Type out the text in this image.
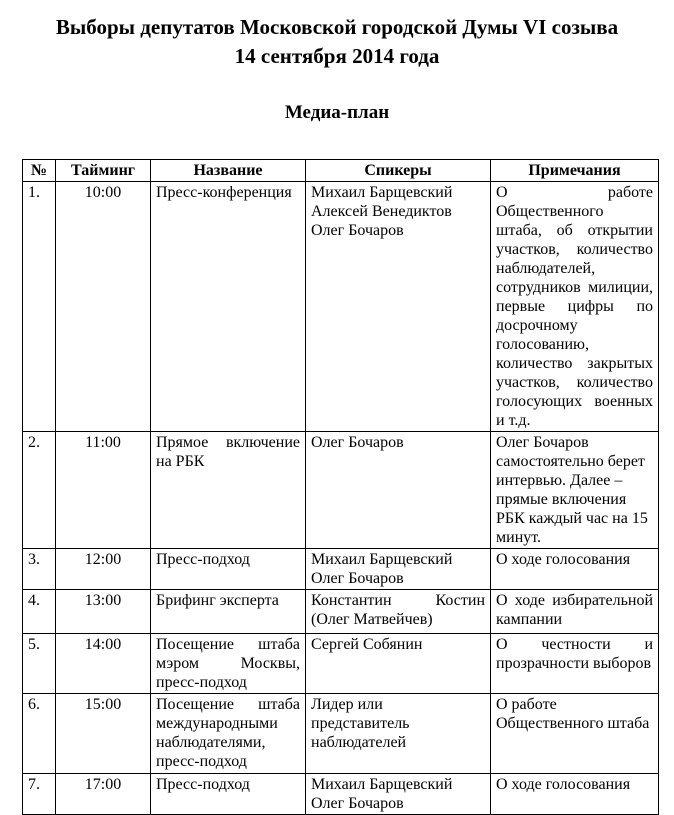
Выборы депутатов Московской городской Думы VI созыва
14 сентября 2014 года
Медиа-план
№	Тайминг	Название	Спикеры	Примечания
1.	10:00	Пресс-конференция	Михаил Барщевский
Алексей Венедиктов
Олег Бочаров
	О работе Общественного штаба, об открытии участков, количество наблюдателей, сотрудников милиции, первые цифры по досрочному голосованию, количество закрытых участков, количество голосующих военных и т.д.
2.	11:00	Прямое включение на РБК	Олег Бочаров	Олег Бочаров самостоятельно берет интервью. Далее – прямые включения РБК каждый час на 15 минут.
3.	12:00	Пресс-подход	Михаил Барщевский
Олег Бочаров	О ходе голосования
4.	13:00	Брифинг эксперта	Константин Костин (Олег Матвейчев)	О ходе избирательной кампании
5.	14:00	Посещение штаба мэром Москвы, пресс-подход	Сергей Собянин	О честности и прозрачности выборов
6.	15:00	Посещение штаба международными наблюдателями, пресс-подход	Лидер или представитель наблюдателей	О работе Общественного штаба
7.	17:00	Пресс-подход	Михаил Барщевский
Олег Бочаров	О ходе голосования
